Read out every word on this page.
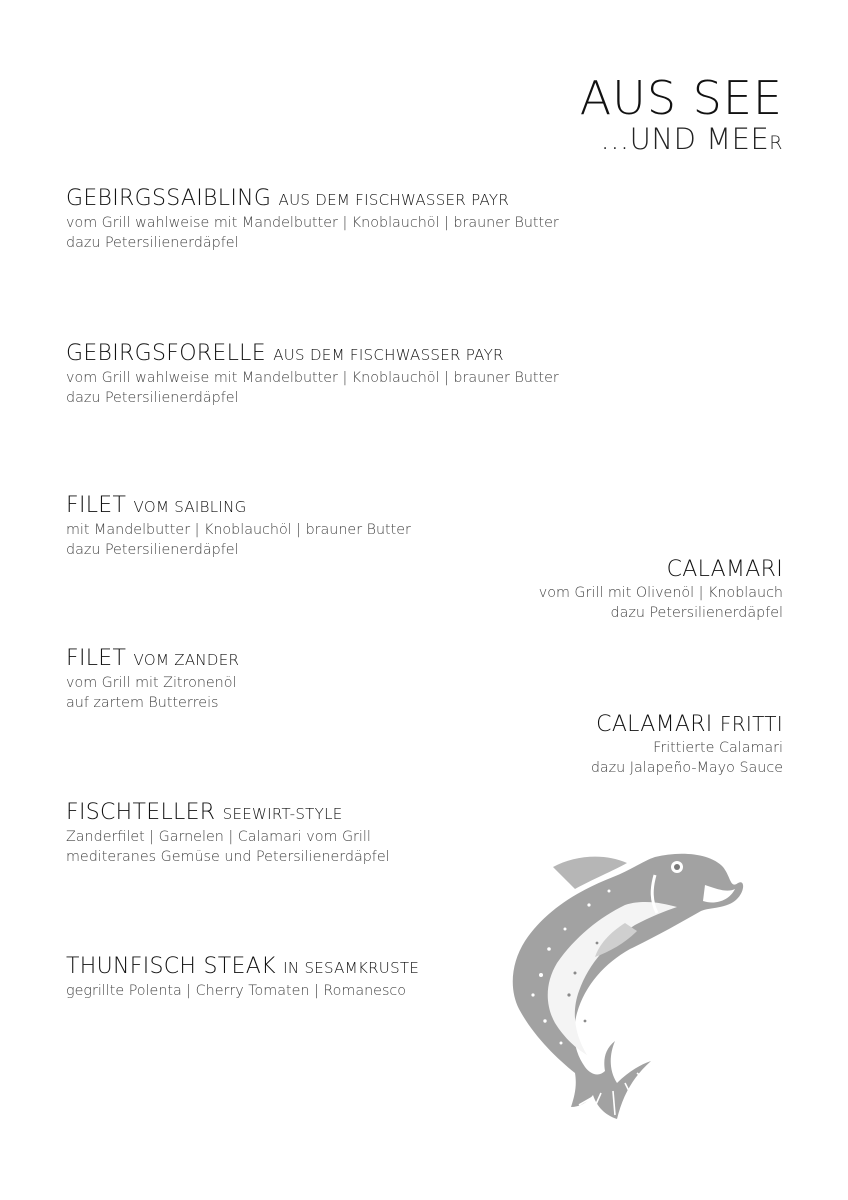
AUS SEE
...UND MEER
GEBIRGSSAIBLING AUS DEM FISCHWASSER PAYR
vom Grill wahlweise mit Mandelbutter | Knoblauchöl | brauner Butter
dazu Petersilienerdäpfel
GEBIRGSFORELLE AUS DEM FISCHWASSER PAYR
vom Grill wahlweise mit Mandelbutter | Knoblauchöl | brauner Butter
dazu Petersilienerdäpfel
FILET VOM SAIBLING
mit Mandelbutter | Knoblauchöl | brauner Butter
dazu Petersilienerdäpfel
FILET VOM ZANDER
vom Grill mit Zitronenöl
auf zartem Butterreis
FISCHTELLER SEEWIRT-STYLE
Zanderfilet | Garnelen | Calamari vom Grill
mediteranes Gemüse und Petersilienerdäpfel
THUNFISCH STEAK IN SESAMKRUSTE
gegrillte Polenta | Cherry Tomaten | Romanesco
CALAMARI
vom Grill mit Olivenöl | Knoblauch
dazu Petersilienerdäpfel
CALAMARI FRITTI
Frittierte Calamari
dazu Jalapeño-Mayo Sauce
